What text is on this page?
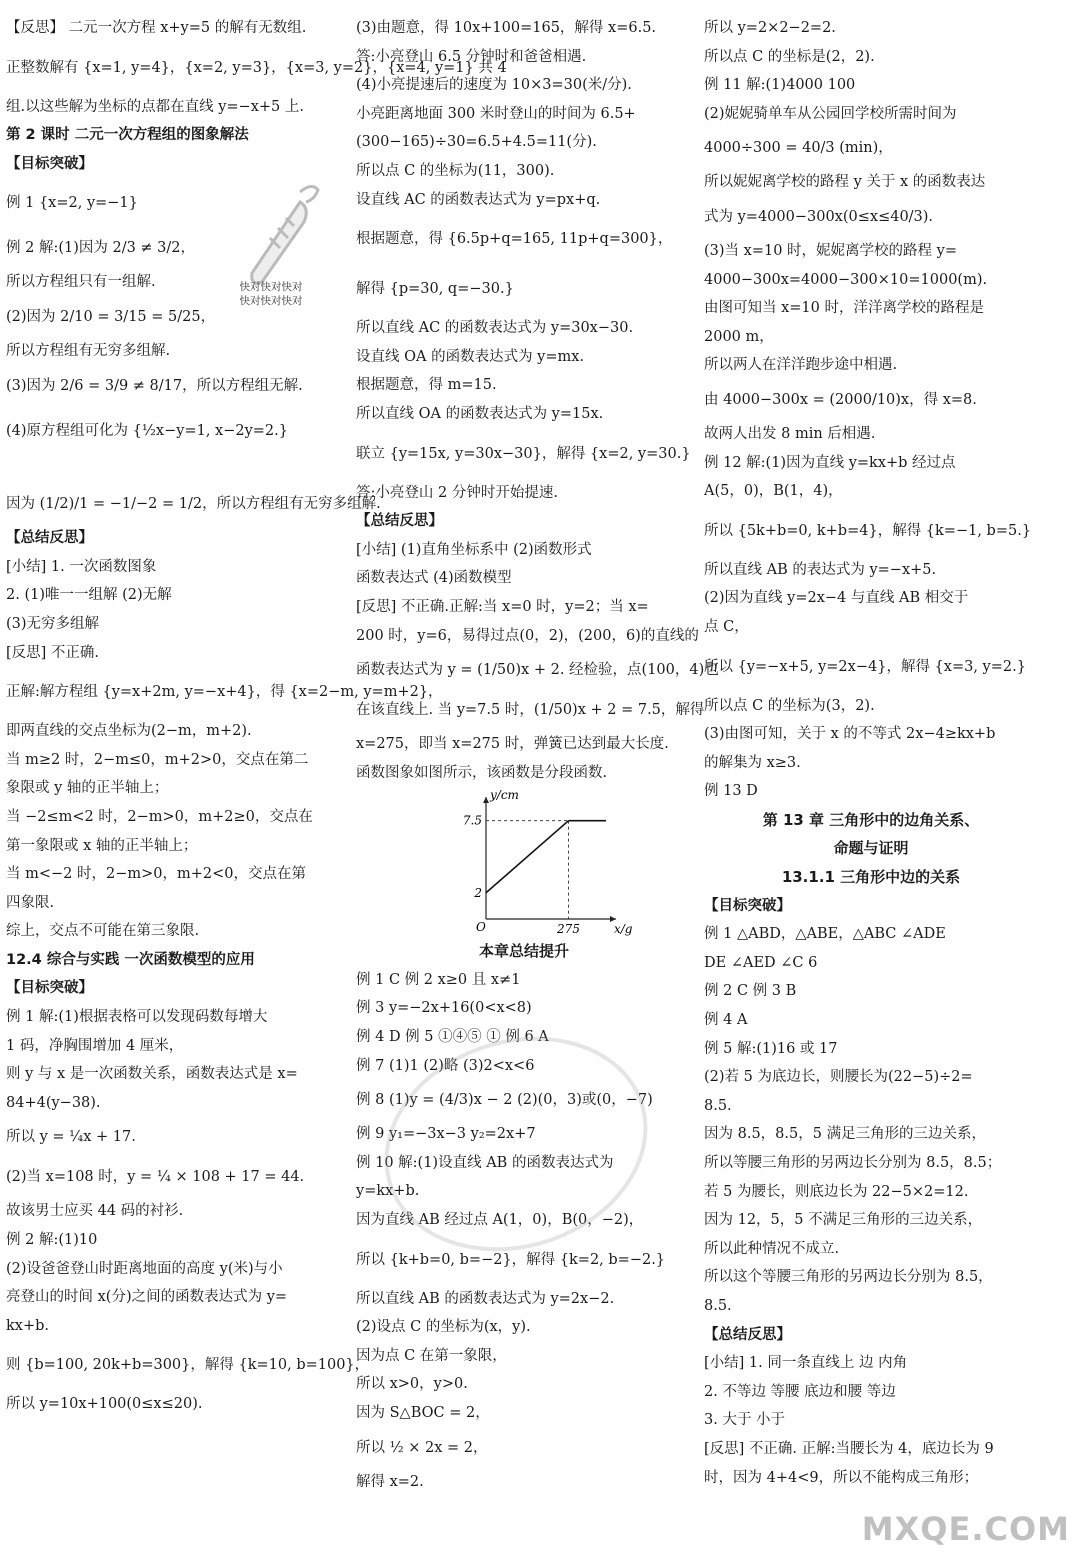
【反思】 二元一次方程 x+y=5 的解有无数组.
正整数解有 {x=1, y=4}，{x=2, y=3}，{x=3, y=2}，{x=4, y=1} 共 4
组.以这些解为坐标的点都在直线 y=−x+5 上.
第 2 课时 二元一次方程组的图象解法
【目标突破】
例 1 {x=2, y=−1}
例 2 解:(1)因为 2/3 ≠ 3/2，
所以方程组只有一组解.
(2)因为 2/10 = 3/15 = 5/25，
所以方程组有无穷多组解.
(3)因为 2/6 = 3/9 ≠ 8/17，所以方程组无解.
(4)原方程组可化为 {½x−y=1, x−2y=2.}
因为 (1/2)/1 = −1/−2 = 1/2，所以方程组有无穷多组解.
【总结反思】
[小结] 1. 一次函数图象
2. (1)唯一一组解 (2)无解
(3)无穷多组解
[反思] 不正确.
正解:解方程组 {y=x+2m, y=−x+4}，得 {x=2−m, y=m+2}，
即两直线的交点坐标为(2−m，m+2).
当 m≥2 时，2−m≤0，m+2>0，交点在第二
象限或 y 轴的正半轴上；
当 −2≤m<2 时，2−m>0，m+2≥0，交点在
第一象限或 x 轴的正半轴上；
当 m<−2 时，2−m>0，m+2<0，交点在第
四象限.
综上，交点不可能在第三象限.
12.4 综合与实践 一次函数模型的应用
【目标突破】
例 1 解:(1)根据表格可以发现码数每增大
1 码，净胸围增加 4 厘米，
则 y 与 x 是一次函数关系，函数表达式是 x=
84+4(y−38).
所以 y = ¼x + 17.
(2)当 x=108 时，y = ¼ × 108 + 17 = 44.
故该男士应买 44 码的衬衫.
例 2 解:(1)10
(2)设爸爸登山时距离地面的高度 y(米)与小
亮登山的时间 x(分)之间的函数表达式为 y=
kx+b.
则 {b=100, 20k+b=300}，解得 {k=10, b=100}，
所以 y=10x+100(0≤x≤20).
(3)由题意，得 10x+100=165，解得 x=6.5.
答:小亮登山 6.5 分钟时和爸爸相遇.
(4)小亮提速后的速度为 10×3=30(米/分).
小亮距离地面 300 米时登山的时间为 6.5+
(300−165)÷30=6.5+4.5=11(分).
所以点 C 的坐标为(11，300).
设直线 AC 的函数表达式为 y=px+q.
根据题意，得 {6.5p+q=165, 11p+q=300}，
解得 {p=30, q=−30.}
所以直线 AC 的函数表达式为 y=30x−30.
设直线 OA 的函数表达式为 y=mx.
根据题意，得 m=15.
所以直线 OA 的函数表达式为 y=15x.
联立 {y=15x, y=30x−30}，解得 {x=2, y=30.}
答:小亮登山 2 分钟时开始提速.
【总结反思】
[小结] (1)直角坐标系中 (2)函数形式
函数表达式 (4)函数模型
[反思] 不正确.正解:当 x=0 时，y=2；当 x=
200 时，y=6，易得过点(0，2)，(200，6)的直线的
函数表达式为 y = (1/50)x + 2. 经检验，点(100，4)也
在该直线上. 当 y=7.5 时，(1/50)x + 2 = 7.5，解得
x=275，即当 x=275 时，弹簧已达到最大长度.
函数图象如图所示，该函数是分段函数.
y/cm
x/g
O
2
7.5
275
本章总结提升
例 1 C 例 2 x≥0 且 x≠1
例 3 y=−2x+16(0<x<8)
例 4 D 例 5 ①④⑤ ① 例 6 A
例 7 (1)1 (2)略 (3)2<x<6
例 8 (1)y = (4/3)x − 2 (2)(0，3)或(0，−7)
例 9 y₁=−3x−3 y₂=2x+7
例 10 解:(1)设直线 AB 的函数表达式为
y=kx+b.
因为直线 AB 经过点 A(1，0)，B(0，−2)，
所以 {k+b=0, b=−2}，解得 {k=2, b=−2.}
所以直线 AB 的函数表达式为 y=2x−2.
(2)设点 C 的坐标为(x，y).
因为点 C 在第一象限，
所以 x>0，y>0.
因为 S△BOC = 2，
所以 ½ × 2x = 2，
解得 x=2.
所以 y=2×2−2=2.
所以点 C 的坐标是(2，2).
例 11 解:(1)4000 100
(2)妮妮骑单车从公园回学校所需时间为
4000÷300 = 40/3 (min)，
所以妮妮离学校的路程 y 关于 x 的函数表达
式为 y=4000−300x(0≤x≤40/3).
(3)当 x=10 时，妮妮离学校的路程 y=
4000−300x=4000−300×10=1000(m).
由图可知当 x=10 时，洋洋离学校的路程是
2000 m，
所以两人在洋洋跑步途中相遇.
由 4000−300x = (2000/10)x，得 x=8.
故两人出发 8 min 后相遇.
例 12 解:(1)因为直线 y=kx+b 经过点
A(5，0)，B(1，4)，
所以 {5k+b=0, k+b=4}，解得 {k=−1, b=5.}
所以直线 AB 的表达式为 y=−x+5.
(2)因为直线 y=2x−4 与直线 AB 相交于
点 C，
所以 {y=−x+5, y=2x−4}，解得 {x=3, y=2.}
所以点 C 的坐标为(3，2).
(3)由图可知，关于 x 的不等式 2x−4≥kx+b
的解集为 x≥3.
例 13 D
第 13 章 三角形中的边角关系、
命题与证明
13.1.1 三角形中边的关系
【目标突破】
例 1 △ABD，△ABE，△ABC ∠ADE
DE ∠AED ∠C 6
例 2 C 例 3 B
例 4 A
例 5 解:(1)16 或 17
(2)若 5 为底边长，则腰长为(22−5)÷2=
8.5.
因为 8.5，8.5，5 满足三角形的三边关系，
所以等腰三角形的另两边长分别为 8.5，8.5；
若 5 为腰长，则底边长为 22−5×2=12.
因为 12，5，5 不满足三角形的三边关系，
所以此种情况不成立.
所以这个等腰三角形的另两边长分别为 8.5，
8.5.
【总结反思】
[小结] 1. 同一条直线上 边 内角
2. 不等边 等腰 底边和腰 等边
3. 大于 小于
[反思] 不正确. 正解:当腰长为 4，底边长为 9
时，因为 4+4<9，所以不能构成三角形；
快对快对快对
快对快对快对
MXQE.COM
